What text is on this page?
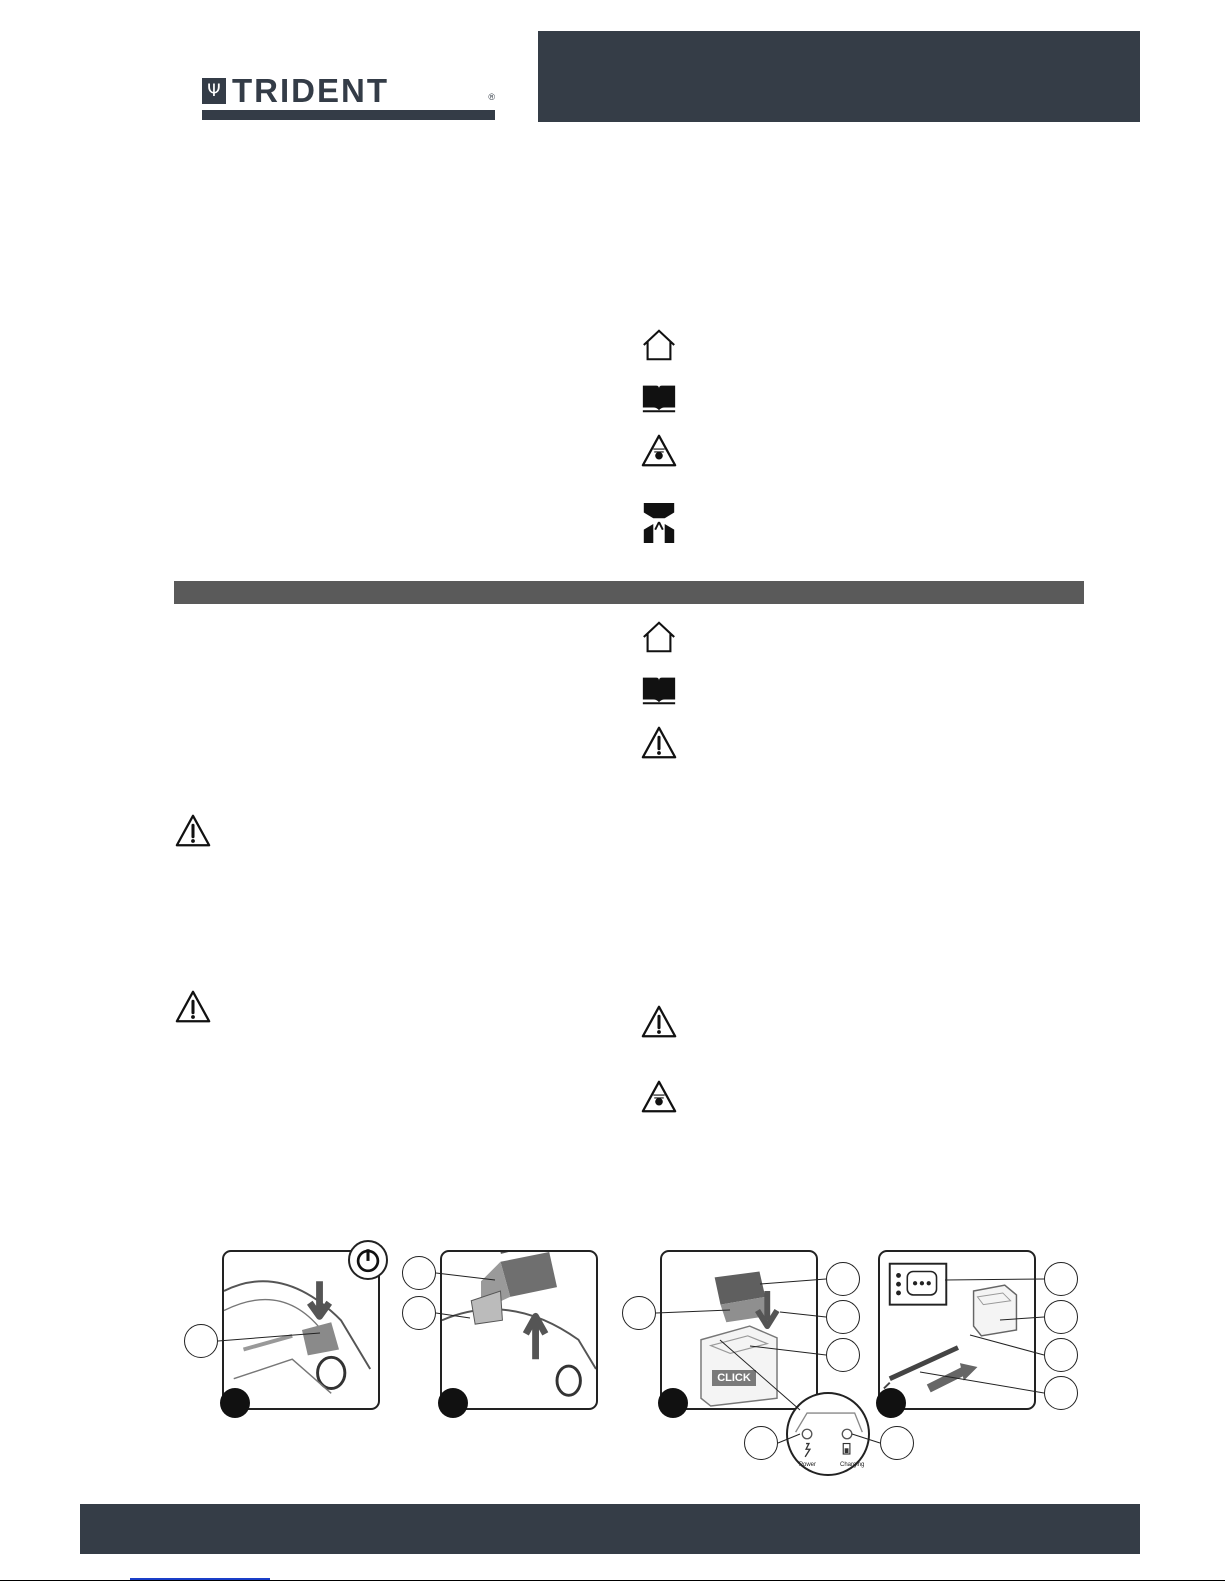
Ψ TRIDENT	®
CLICK
Power	Charging
